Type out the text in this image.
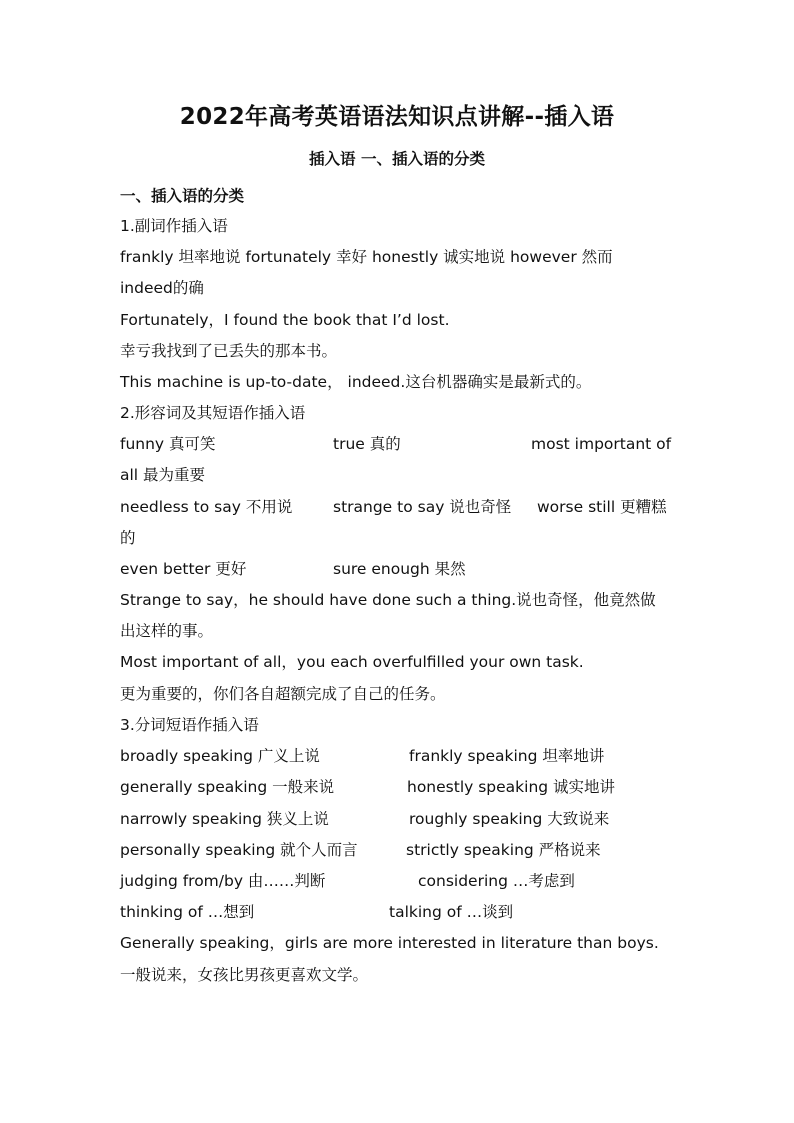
2022年高考英语语法知识点讲解--插入语
插入语 一、插入语的分类
一、插入语的分类
1.副词作插入语
frankly 坦率地说 fortunately 幸好 honestly 诚实地说 however 然而
indeed的确
Fortunately，I found the book that I’d lost.
幸亏我找到了已丢失的那本书。
This machine is up-to-date， indeed.这台机器确实是最新式的。
2.形容词及其短语作插入语
funny 真可笑	true 真的	most important of
all 最为重要
needless to say 不用说	strange to say 说也奇怪 worse still 更糟糕
的
even better 更好	sure enough 果然
Strange to say，he should have done such a thing.说也奇怪，他竟然做
出这样的事。
Most important of all，you each overfulfilled your own task.
更为重要的，你们各自超额完成了自己的任务。
3.分词短语作插入语
broadly speaking 广义上说	frankly speaking 坦率地讲
generally speaking 一般来说	honestly speaking 诚实地讲
narrowly speaking 狭义上说	roughly speaking 大致说来
personally speaking 就个人而言	strictly speaking 严格说来
judging from/by 由……判断	considering …考虑到
thinking of …想到	talking of …谈到
Generally speaking，girls are more interested in literature than boys.
一般说来，女孩比男孩更喜欢文学。
